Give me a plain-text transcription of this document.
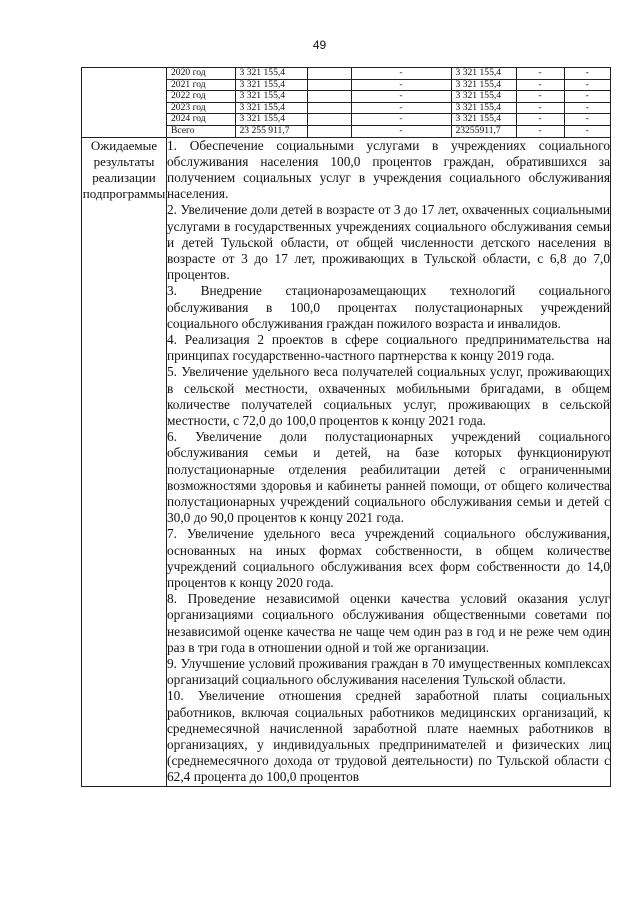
49

2020 год	3 321 155,4		-	3 321 155,4	-	-
2021 год	3 321 155,4		-	3 321 155,4	-	-
2022 год	3 321 155,4		-	3 321 155,4	-	-
2023 год	3 321 155,4		-	3 321 155,4	-	-
2024 год	3 321 155,4		-	3 321 155,4	-	-
Всего	23 255 911,7		-	23255911,7	-	-

Ожидаемые результаты реализации подпрограммы	

1. Обеспечение социальными услугами в учреждениях социального обслуживания населения 100,0 процентов граждан, обратившихся за получением социальных услуг в учреждения социального обслуживания населения.

2. Увеличение доли детей в возрасте от 3 до 17 лет, охваченных социальными услугами в государственных учреждениях социального обслуживания семьи и детей Тульской области, от общей численности детского населения в возрасте от 3 до 17 лет, проживающих в Тульской области, с 6,8 до 7,0 процентов.

3. Внедрение стационарозамещающих технологий социального обслуживания в 100,0 процентах полустационарных учреждений социального обслуживания граждан пожилого возраста и инвалидов.

4. Реализация 2 проектов в сфере социального предпринимательства на принципах государственно-частного партнерства к концу 2019 года.

5. Увеличение удельного веса получателей социальных услуг, проживающих в сельской местности, охваченных мобильными бригадами, в общем количестве получателей социальных услуг, проживающих в сельской местности, с 72,0 до 100,0 процентов к концу 2021 года.

6. Увеличение доли полустационарных учреждений социального обслуживания семьи и детей, на базе которых функционируют полустационарные отделения реабилитации детей с ограниченными возможностями здоровья и кабинеты ранней помощи, от общего количества полустационарных учреждений социального обслуживания семьи и детей с 30,0 до 90,0 процентов к концу 2021 года.

7. Увеличение удельного веса учреждений социального обслуживания, основанных на иных формах собственности, в общем количестве учреждений социального обслуживания всех форм собственности до 14,0 процентов к концу 2020 года.

8. Проведение независимой оценки качества условий оказания услуг организациями социального обслуживания общественными советами по независимой оценке качества не чаще чем один раз в год и не реже чем один раз в три года в отношении одной и той же организации.

9. Улучшение условий проживания граждан в 70 имущественных комплексах организаций социального обслуживания населения Тульской области.

10. Увеличение отношения средней заработной платы социальных работников, включая социальных работников медицинских организаций, к среднемесячной начисленной заработной плате наемных работников в организациях, у индивидуальных предпринимателей и физических лиц (среднемесячного дохода от трудовой деятельности) по Тульской области с 62,4 процента до 100,0 процентов
